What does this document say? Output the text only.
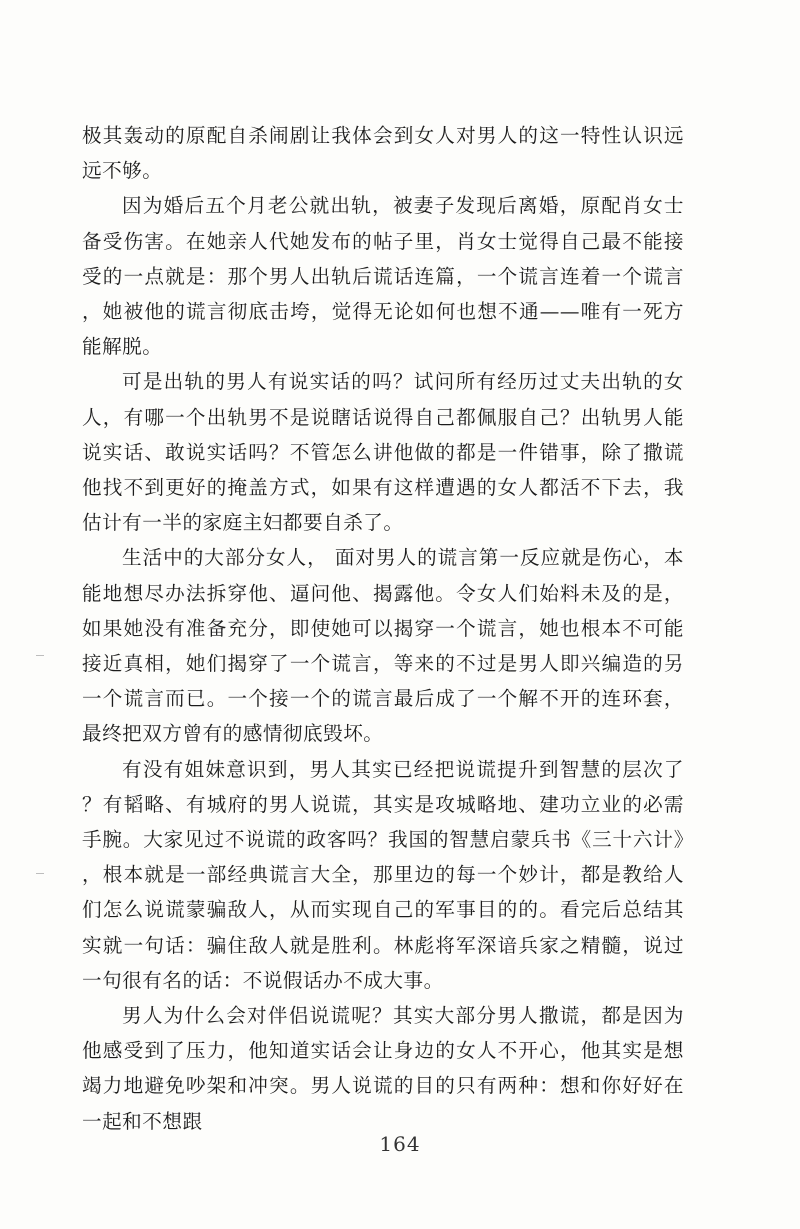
极其轰动的原配自杀闹剧让我体会到女人对男人的这一特性认识远远不够。

因为婚后五个月老公就出轨，被妻子发现后离婚，原配肖女士备受伤害。在她亲人代她发布的帖子里，肖女士觉得自己最不能接受的一点就是：那个男人出轨后谎话连篇，一个谎言连着一个谎言，她被他的谎言彻底击垮，觉得无论如何也想不通——唯有一死方能解脱。

可是出轨的男人有说实话的吗？试问所有经历过丈夫出轨的女人，有哪一个出轨男不是说瞎话说得自己都佩服自己？出轨男人能说实话、敢说实话吗？不管怎么讲他做的都是一件错事，除了撒谎他找不到更好的掩盖方式，如果有这样遭遇的女人都活不下去，我估计有一半的家庭主妇都要自杀了。

生活中的大部分女人， 面对男人的谎言第一反应就是伤心，本能地想尽办法拆穿他、逼问他、揭露他。令女人们始料未及的是，如果她没有准备充分，即使她可以揭穿一个谎言，她也根本不可能接近真相，她们揭穿了一个谎言，等来的不过是男人即兴编造的另一个谎言而已。一个接一个的谎言最后成了一个解不开的连环套，最终把双方曾有的感情彻底毁坏。

有没有姐妹意识到，男人其实已经把说谎提升到智慧的层次了？有韬略、有城府的男人说谎，其实是攻城略地、建功立业的必需手腕。大家见过不说谎的政客吗？我国的智慧启蒙兵书《三十六计》，根本就是一部经典谎言大全，那里边的每一个妙计，都是教给人们怎么说谎蒙骗敌人，从而实现自己的军事目的的。看完后总结其实就一句话：骗住敌人就是胜利。林彪将军深谙兵家之精髓，说过一句很有名的话：不说假话办不成大事。

男人为什么会对伴侣说谎呢？其实大部分男人撒谎，都是因为他感受到了压力，他知道实话会让身边的女人不开心，他其实是想竭力地避免吵架和冲突。男人说谎的目的只有两种：想和你好好在一起和不想跟

164
